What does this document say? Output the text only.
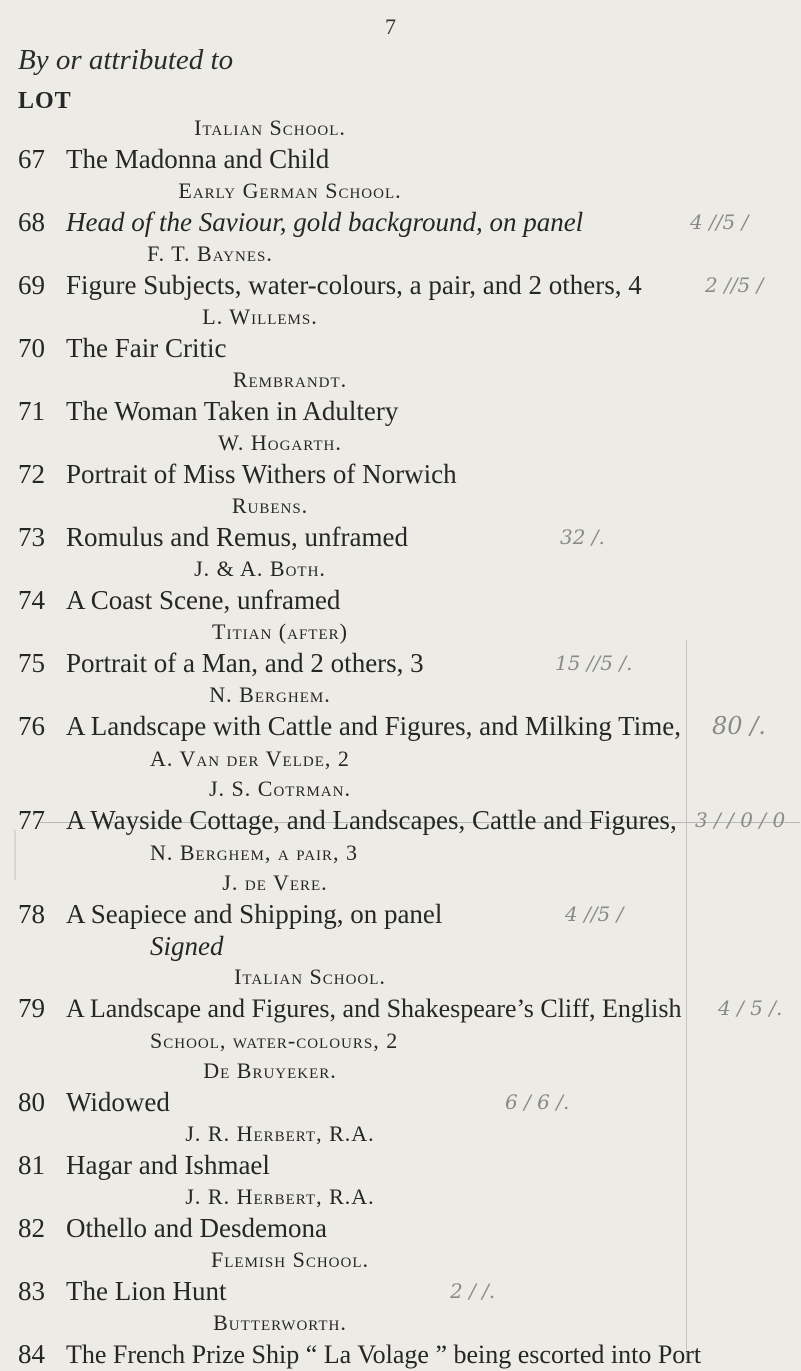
7
By or attributed to
LOT
Italian School.
67 The Madonna and Child
Early German School.
68 Head of the Saviour, gold background, on panel	4 //5 /
F. T. Baynes.
69 Figure Subjects, water-colours, a pair, and 2 others, 4	2 //5 /
L. Willems.
70 The Fair Critic
Rembrandt.
71 The Woman Taken in Adultery
W. Hogarth.
72 Portrait of Miss Withers of Norwich
Rubens.
73 Romulus and Remus, unframed	32 /.
J. & A. Both.
74 A Coast Scene, unframed
Titian (after)
75 Portrait of a Man, and 2 others, 3	15 //5 /.
N. Berghem.
76 A Landscape with Cattle and Figures, and Milking Time, 80 /.
A. Van der Velde, 2
J. S. Cotrman.
77 A Wayside Cottage, and Landscapes, Cattle and Figures, 3 / / 0 / 0
N. Berghem, a pair, 3
J. de Vere.
78 A Seapiece and Shipping, on panel	4 //5 /
Signed
Italian School.
79 A Landscape and Figures, and Shakespeare’s Cliff, English 4 / 5 /.
School, water-colours, 2
De Bruyeker.
80 Widowed	6 / 6 /.
J. R. Herbert, R.A.
81 Hagar and Ishmael
J. R. Herbert, R.A.
82 Othello and Desdemona
Flemish School.
83 The Lion Hunt	2 / /.
Butterworth.
84 The French Prize Ship “ La Volage ” being escorted into Port
